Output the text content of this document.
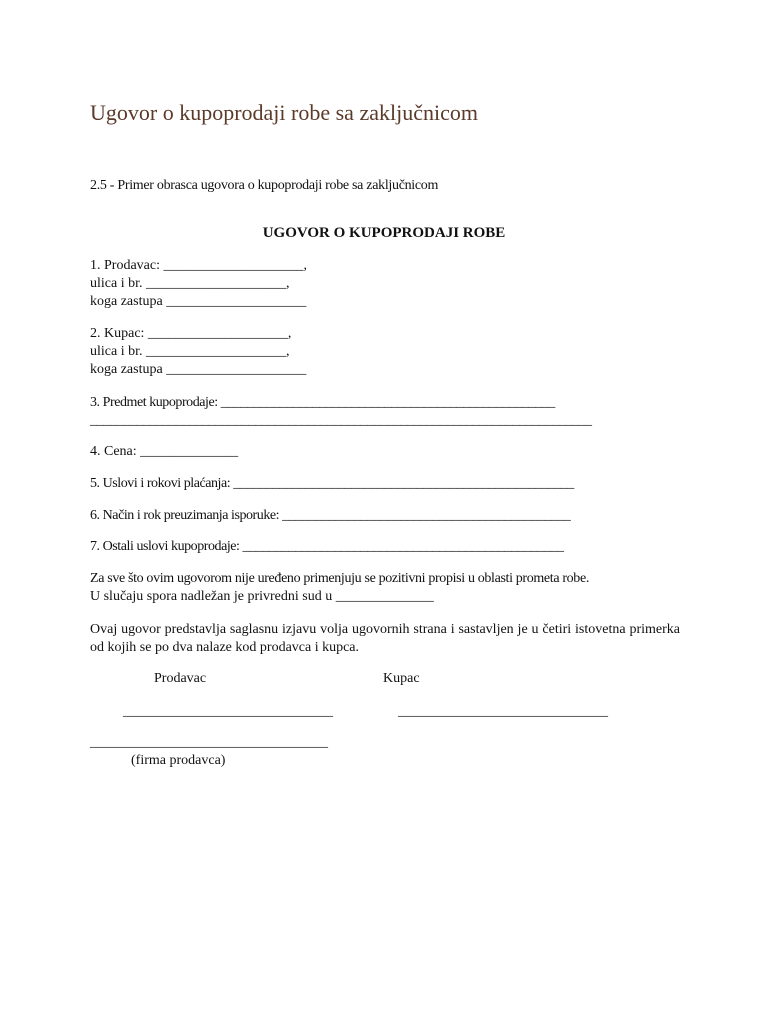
Ugovor o kupoprodaji robe sa zaključnicom
2.5 - Primer obrasca ugovora o kupoprodaji robe sa zaključnicom
UGOVOR O KUPOPRODAJI ROBE
1. Prodavac: ____________________,
ulica i br. ____________________,
koga zastupa ____________________
2. Kupac: ____________________,
ulica i br. ____________________,
koga zastupa ____________________
3. Predmet kupoprodaje: ___________________________________________________
____________________________________________________________________________
4. Cena: ______________
5. Uslovi i rokovi plaćanja: ____________________________________________________
6. Način i rok preuzimanja isporuke: ____________________________________________
7. Ostali uslovi kupoprodaje: _________________________________________________
Za sve što ovim ugovorom nije uređeno primenjuju se pozitivni propisi u oblasti prometa robe.
U slučaju spora nadležan je privredni sud u ______________
Ovaj ugovor predstavlja saglasnu izjavu volja ugovornih strana i sastavljen je u četiri istovetna primerka od kojih se po dva nalaze kod prodavca i kupca.
Prodavac	Kupac
______________________________	______________________________
__________________________________
(firma prodavca)
